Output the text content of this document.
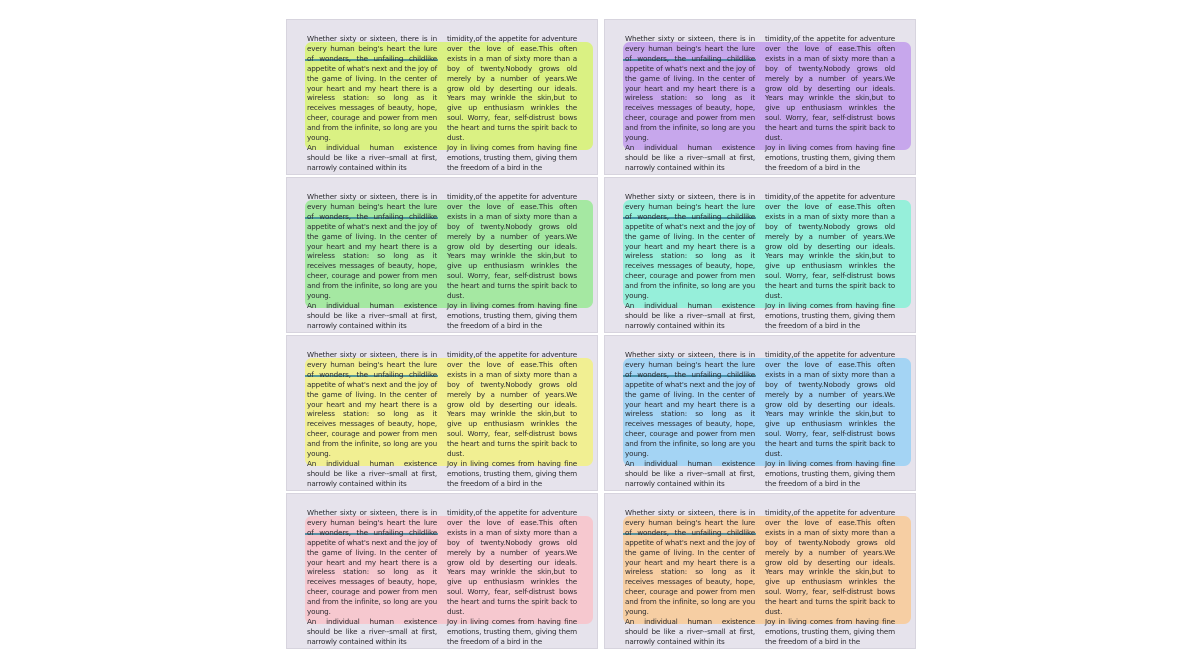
Whether sixty or sixteen, there is in every human being's heart the lure of wonders, the unfailing childlike appetite of what's next and the joy of the game of living. In the center of your heart and my heart there is a wireless station: so long as it receives messages of beauty, hope, cheer, courage and power from men and from the infinite, so long are you young.

An individual human existence should be like a river--small at first, narrowly contained within its

timidity,of the appetite for adventure over the love of ease.This often exists in a man of sixty more than a boy of twenty.Nobody grows old merely by a number of years.We grow old by deserting our ideals. Years may wrinkle the skin,but to give up enthusiasm wrinkles the soul. Worry, fear, self-distrust bows the heart and turns the spirit back to dust.

Joy in living comes from having fine emotions, trusting them, giving them the freedom of a bird in the

Whether sixty or sixteen, there is in every human being's heart the lure of wonders, the unfailing childlike appetite of what's next and the joy of the game of living. In the center of your heart and my heart there is a wireless station: so long as it receives messages of beauty, hope, cheer, courage and power from men and from the infinite, so long are you young.

An individual human existence should be like a river--small at first, narrowly contained within its

timidity,of the appetite for adventure over the love of ease.This often exists in a man of sixty more than a boy of twenty.Nobody grows old merely by a number of years.We grow old by deserting our ideals. Years may wrinkle the skin,but to give up enthusiasm wrinkles the soul. Worry, fear, self-distrust bows the heart and turns the spirit back to dust.

Joy in living comes from having fine emotions, trusting them, giving them the freedom of a bird in the

Whether sixty or sixteen, there is in every human being's heart the lure of wonders, the unfailing childlike appetite of what's next and the joy of the game of living. In the center of your heart and my heart there is a wireless station: so long as it receives messages of beauty, hope, cheer, courage and power from men and from the infinite, so long are you young.

An individual human existence should be like a river--small at first, narrowly contained within its

timidity,of the appetite for adventure over the love of ease.This often exists in a man of sixty more than a boy of twenty.Nobody grows old merely by a number of years.We grow old by deserting our ideals. Years may wrinkle the skin,but to give up enthusiasm wrinkles the soul. Worry, fear, self-distrust bows the heart and turns the spirit back to dust.

Joy in living comes from having fine emotions, trusting them, giving them the freedom of a bird in the

Whether sixty or sixteen, there is in every human being's heart the lure of wonders, the unfailing childlike appetite of what's next and the joy of the game of living. In the center of your heart and my heart there is a wireless station: so long as it receives messages of beauty, hope, cheer, courage and power from men and from the infinite, so long are you young.

An individual human existence should be like a river--small at first, narrowly contained within its

timidity,of the appetite for adventure over the love of ease.This often exists in a man of sixty more than a boy of twenty.Nobody grows old merely by a number of years.We grow old by deserting our ideals. Years may wrinkle the skin,but to give up enthusiasm wrinkles the soul. Worry, fear, self-distrust bows the heart and turns the spirit back to dust.

Joy in living comes from having fine emotions, trusting them, giving them the freedom of a bird in the

Whether sixty or sixteen, there is in every human being's heart the lure of wonders, the unfailing childlike appetite of what's next and the joy of the game of living. In the center of your heart and my heart there is a wireless station: so long as it receives messages of beauty, hope, cheer, courage and power from men and from the infinite, so long are you young.

An individual human existence should be like a river--small at first, narrowly contained within its

timidity,of the appetite for adventure over the love of ease.This often exists in a man of sixty more than a boy of twenty.Nobody grows old merely by a number of years.We grow old by deserting our ideals. Years may wrinkle the skin,but to give up enthusiasm wrinkles the soul. Worry, fear, self-distrust bows the heart and turns the spirit back to dust.

Joy in living comes from having fine emotions, trusting them, giving them the freedom of a bird in the

Whether sixty or sixteen, there is in every human being's heart the lure of wonders, the unfailing childlike appetite of what's next and the joy of the game of living. In the center of your heart and my heart there is a wireless station: so long as it receives messages of beauty, hope, cheer, courage and power from men and from the infinite, so long are you young.

An individual human existence should be like a river--small at first, narrowly contained within its

timidity,of the appetite for adventure over the love of ease.This often exists in a man of sixty more than a boy of twenty.Nobody grows old merely by a number of years.We grow old by deserting our ideals. Years may wrinkle the skin,but to give up enthusiasm wrinkles the soul. Worry, fear, self-distrust bows the heart and turns the spirit back to dust.

Joy in living comes from having fine emotions, trusting them, giving them the freedom of a bird in the

Whether sixty or sixteen, there is in every human being's heart the lure of wonders, the unfailing childlike appetite of what's next and the joy of the game of living. In the center of your heart and my heart there is a wireless station: so long as it receives messages of beauty, hope, cheer, courage and power from men and from the infinite, so long are you young.

An individual human existence should be like a river--small at first, narrowly contained within its

timidity,of the appetite for adventure over the love of ease.This often exists in a man of sixty more than a boy of twenty.Nobody grows old merely by a number of years.We grow old by deserting our ideals. Years may wrinkle the skin,but to give up enthusiasm wrinkles the soul. Worry, fear, self-distrust bows the heart and turns the spirit back to dust.

Joy in living comes from having fine emotions, trusting them, giving them the freedom of a bird in the

Whether sixty or sixteen, there is in every human being's heart the lure of wonders, the unfailing childlike appetite of what's next and the joy of the game of living. In the center of your heart and my heart there is a wireless station: so long as it receives messages of beauty, hope, cheer, courage and power from men and from the infinite, so long are you young.

An individual human existence should be like a river--small at first, narrowly contained within its

timidity,of the appetite for adventure over the love of ease.This often exists in a man of sixty more than a boy of twenty.Nobody grows old merely by a number of years.We grow old by deserting our ideals. Years may wrinkle the skin,but to give up enthusiasm wrinkles the soul. Worry, fear, self-distrust bows the heart and turns the spirit back to dust.

Joy in living comes from having fine emotions, trusting them, giving them the freedom of a bird in the
